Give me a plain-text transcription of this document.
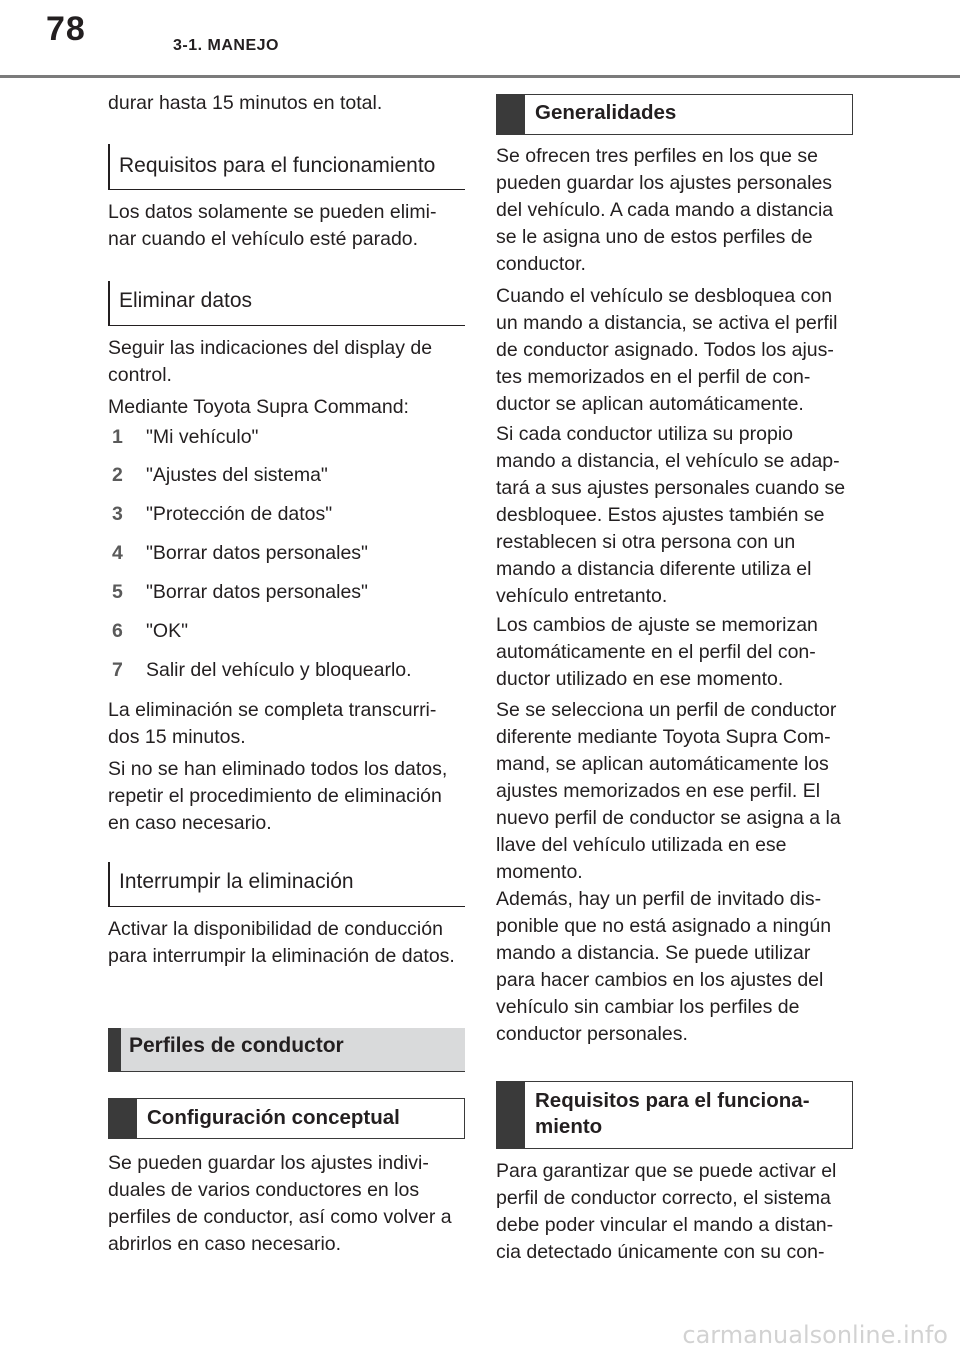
78	3-1. MANEJO

durar hasta 15 minutos en total.

Requisitos para el funcionamiento

Los datos solamente se pueden elimi-nar cuando el vehículo esté parado.

Eliminar datos

Seguir las indicaciones del display de control.

Mediante Toyota Supra Command:

1 "Mi vehículo"
2 "Ajustes del sistema"
3 "Protección de datos"
4 "Borrar datos personales"
5 "Borrar datos personales"
6 "OK"
7 Salir del vehículo y bloquearlo.

La eliminación se completa transcurri-dos 15 minutos.

Si no se han eliminado todos los datos, repetir el procedimiento de eliminación en caso necesario.

Interrumpir la eliminación

Activar la disponibilidad de conducción para interrumpir la eliminación de datos.

Perfiles de conductor
Configuración conceptual

Se pueden guardar los ajustes indivi-duales de varios conductores en los perfiles de conductor, así como volver a abrirlos en caso necesario.

Generalidades

Se ofrecen tres perfiles en los que se pueden guardar los ajustes personales del vehículo. A cada mando a distancia se le asigna uno de estos perfiles de conductor.

Cuando el vehículo se desbloquea con un mando a distancia, se activa el perfil de conductor asignado. Todos los ajus-tes memorizados en el perfil de con-ductor se aplican automáticamente.

Si cada conductor utiliza su propio mando a distancia, el vehículo se adap-tará a sus ajustes personales cuando se desbloquee. Estos ajustes también se restablecen si otra persona con un mando a distancia diferente utiliza el vehículo entretanto.

Los cambios de ajuste se memorizan automáticamente en el perfil del con-ductor utilizado en ese momento.

Se se selecciona un perfil de conductor diferente mediante Toyota Supra Com-mand, se aplican automáticamente los ajustes memorizados en ese perfil. El nuevo perfil de conductor se asigna a la llave del vehículo utilizada en ese momento.

Además, hay un perfil de invitado dis-ponible que no está asignado a ningún mando a distancia. Se puede utilizar para hacer cambios en los ajustes del vehículo sin cambiar los perfiles de conductor personales.

Requisitos para el funciona-miento

Para garantizar que se puede activar el perfil de conductor correcto, el sistema debe poder vincular el mando a distan-cia detectado únicamente con su con-

carmanualsonline.info
